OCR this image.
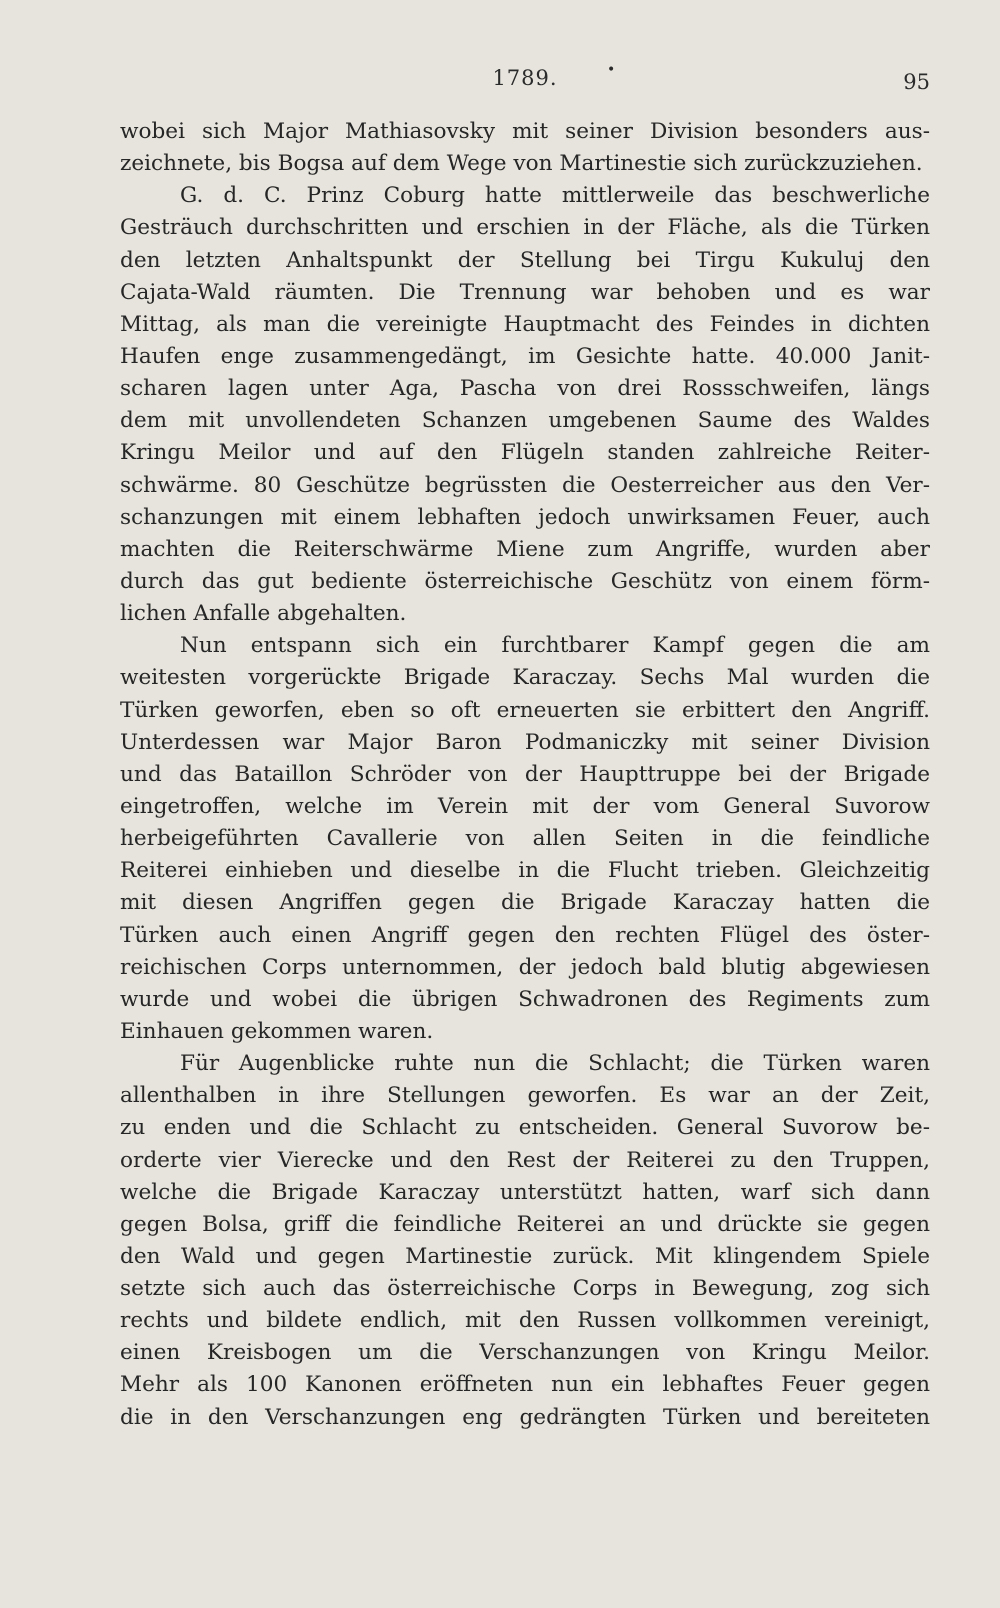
1789.	•	95
wobei sich Major Mathiasovsky mit seiner Division besonders aus-
zeichnete, bis Bogsa auf dem Wege von Martinestie sich zurückzuziehen.
G. d. C. Prinz Coburg hatte mittlerweile das beschwerliche
Gesträuch durchschritten und erschien in der Fläche, als die Türken
den letzten Anhaltspunkt der Stellung bei Tirgu Kukuluj den
Cajata-Wald räumten. Die Trennung war behoben und es war
Mittag, als man die vereinigte Hauptmacht des Feindes in dichten
Haufen enge zusammengedängt, im Gesichte hatte. 40.000 Janit-
scharen lagen unter Aga, Pascha von drei Rossschweifen, längs
dem mit unvollendeten Schanzen umgebenen Saume des Waldes
Kringu Meilor und auf den Flügeln standen zahlreiche Reiter-
schwärme. 80 Geschütze begrüssten die Oesterreicher aus den Ver-
schanzungen mit einem lebhaften jedoch unwirksamen Feuer, auch
machten die Reiterschwärme Miene zum Angriffe, wurden aber
durch das gut bediente österreichische Geschütz von einem förm-
lichen Anfalle abgehalten.
Nun entspann sich ein furchtbarer Kampf gegen die am
weitesten vorgerückte Brigade Karaczay. Sechs Mal wurden die
Türken geworfen, eben so oft erneuerten sie erbittert den Angriff.
Unterdessen war Major Baron Podmaniczky mit seiner Division
und das Bataillon Schröder von der Haupttruppe bei der Brigade
eingetroffen, welche im Verein mit der vom General Suvorow
herbeigeführten Cavallerie von allen Seiten in die feindliche
Reiterei einhieben und dieselbe in die Flucht trieben. Gleichzeitig
mit diesen Angriffen gegen die Brigade Karaczay hatten die
Türken auch einen Angriff gegen den rechten Flügel des öster-
reichischen Corps unternommen, der jedoch bald blutig abgewiesen
wurde und wobei die übrigen Schwadronen des Regiments zum
Einhauen gekommen waren.
Für Augenblicke ruhte nun die Schlacht; die Türken waren
allenthalben in ihre Stellungen geworfen. Es war an der Zeit,
zu enden und die Schlacht zu entscheiden. General Suvorow be-
orderte vier Vierecke und den Rest der Reiterei zu den Truppen,
welche die Brigade Karaczay unterstützt hatten, warf sich dann
gegen Bolsa, griff die feindliche Reiterei an und drückte sie gegen
den Wald und gegen Martinestie zurück. Mit klingendem Spiele
setzte sich auch das österreichische Corps in Bewegung, zog sich
rechts und bildete endlich, mit den Russen vollkommen vereinigt,
einen Kreisbogen um die Verschanzungen von Kringu Meilor.
Mehr als 100 Kanonen eröffneten nun ein lebhaftes Feuer gegen
die in den Verschanzungen eng gedrängten Türken und bereiteten
